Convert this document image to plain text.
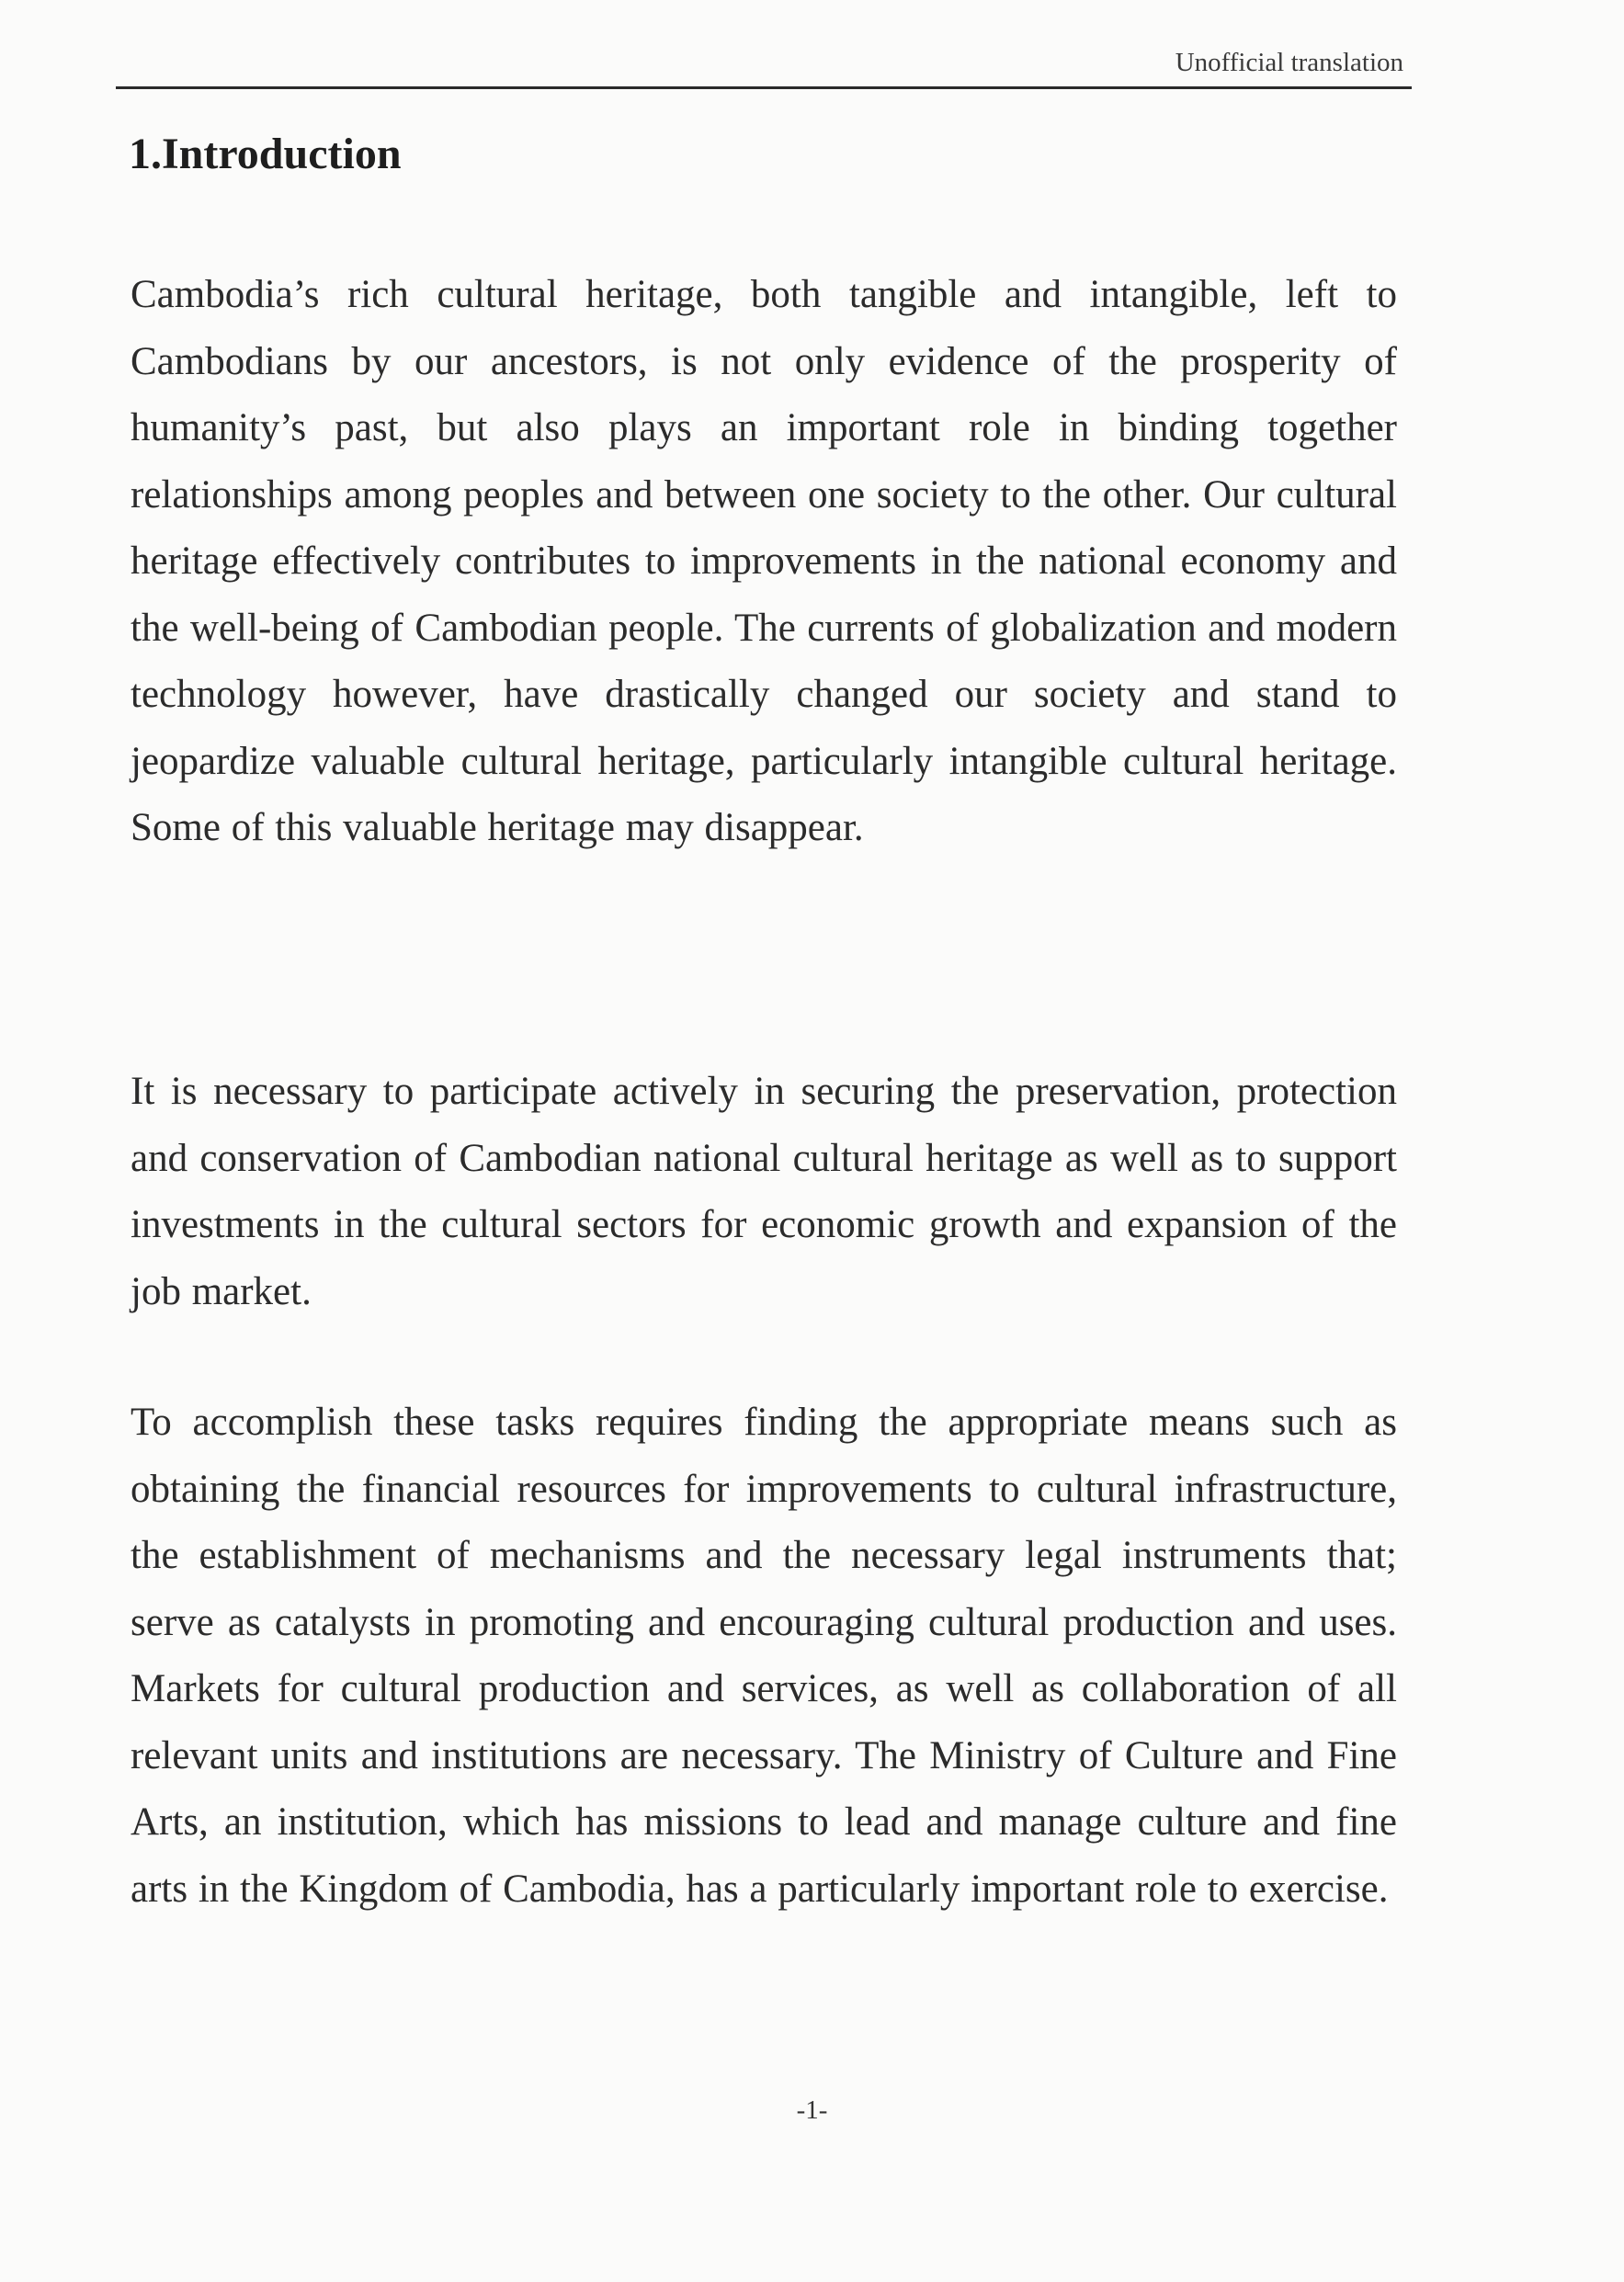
Unofficial translation
1.Introduction

Cambodia’s rich cultural heritage, both tangible and intangible, left to Cambodians by our ancestors, is not only evidence of the prosperity of humanity’s past, but also plays an important role in binding together relationships among peoples and between one society to the other. Our cultural heritage effectively contributes to improvements in the national economy and the well-being of Cambodian people. The currents of globalization and modern technology however, have drastically changed our society and stand to jeopardize valuable cultural heritage, particularly intangible cultural heritage. Some of this valuable heritage may disappear.

It is necessary to participate actively in securing the preservation, protection and conservation of Cambodian national cultural heritage as well as to support investments in the cultural sectors for economic growth and expansion of the job market.

To accomplish these tasks requires finding the appropriate means such as obtaining the financial resources for improvements to cultural infrastructure, the establishment of mechanisms and the necessary legal instruments that; serve as catalysts in promoting and encouraging cultural production and uses. Markets for cultural production and services, as well as collaboration of all relevant units and institutions are necessary. The Ministry of Culture and Fine Arts, an institution, which has missions to lead and manage culture and fine arts in the Kingdom of Cambodia, has a particularly important role to exercise.

-1-
